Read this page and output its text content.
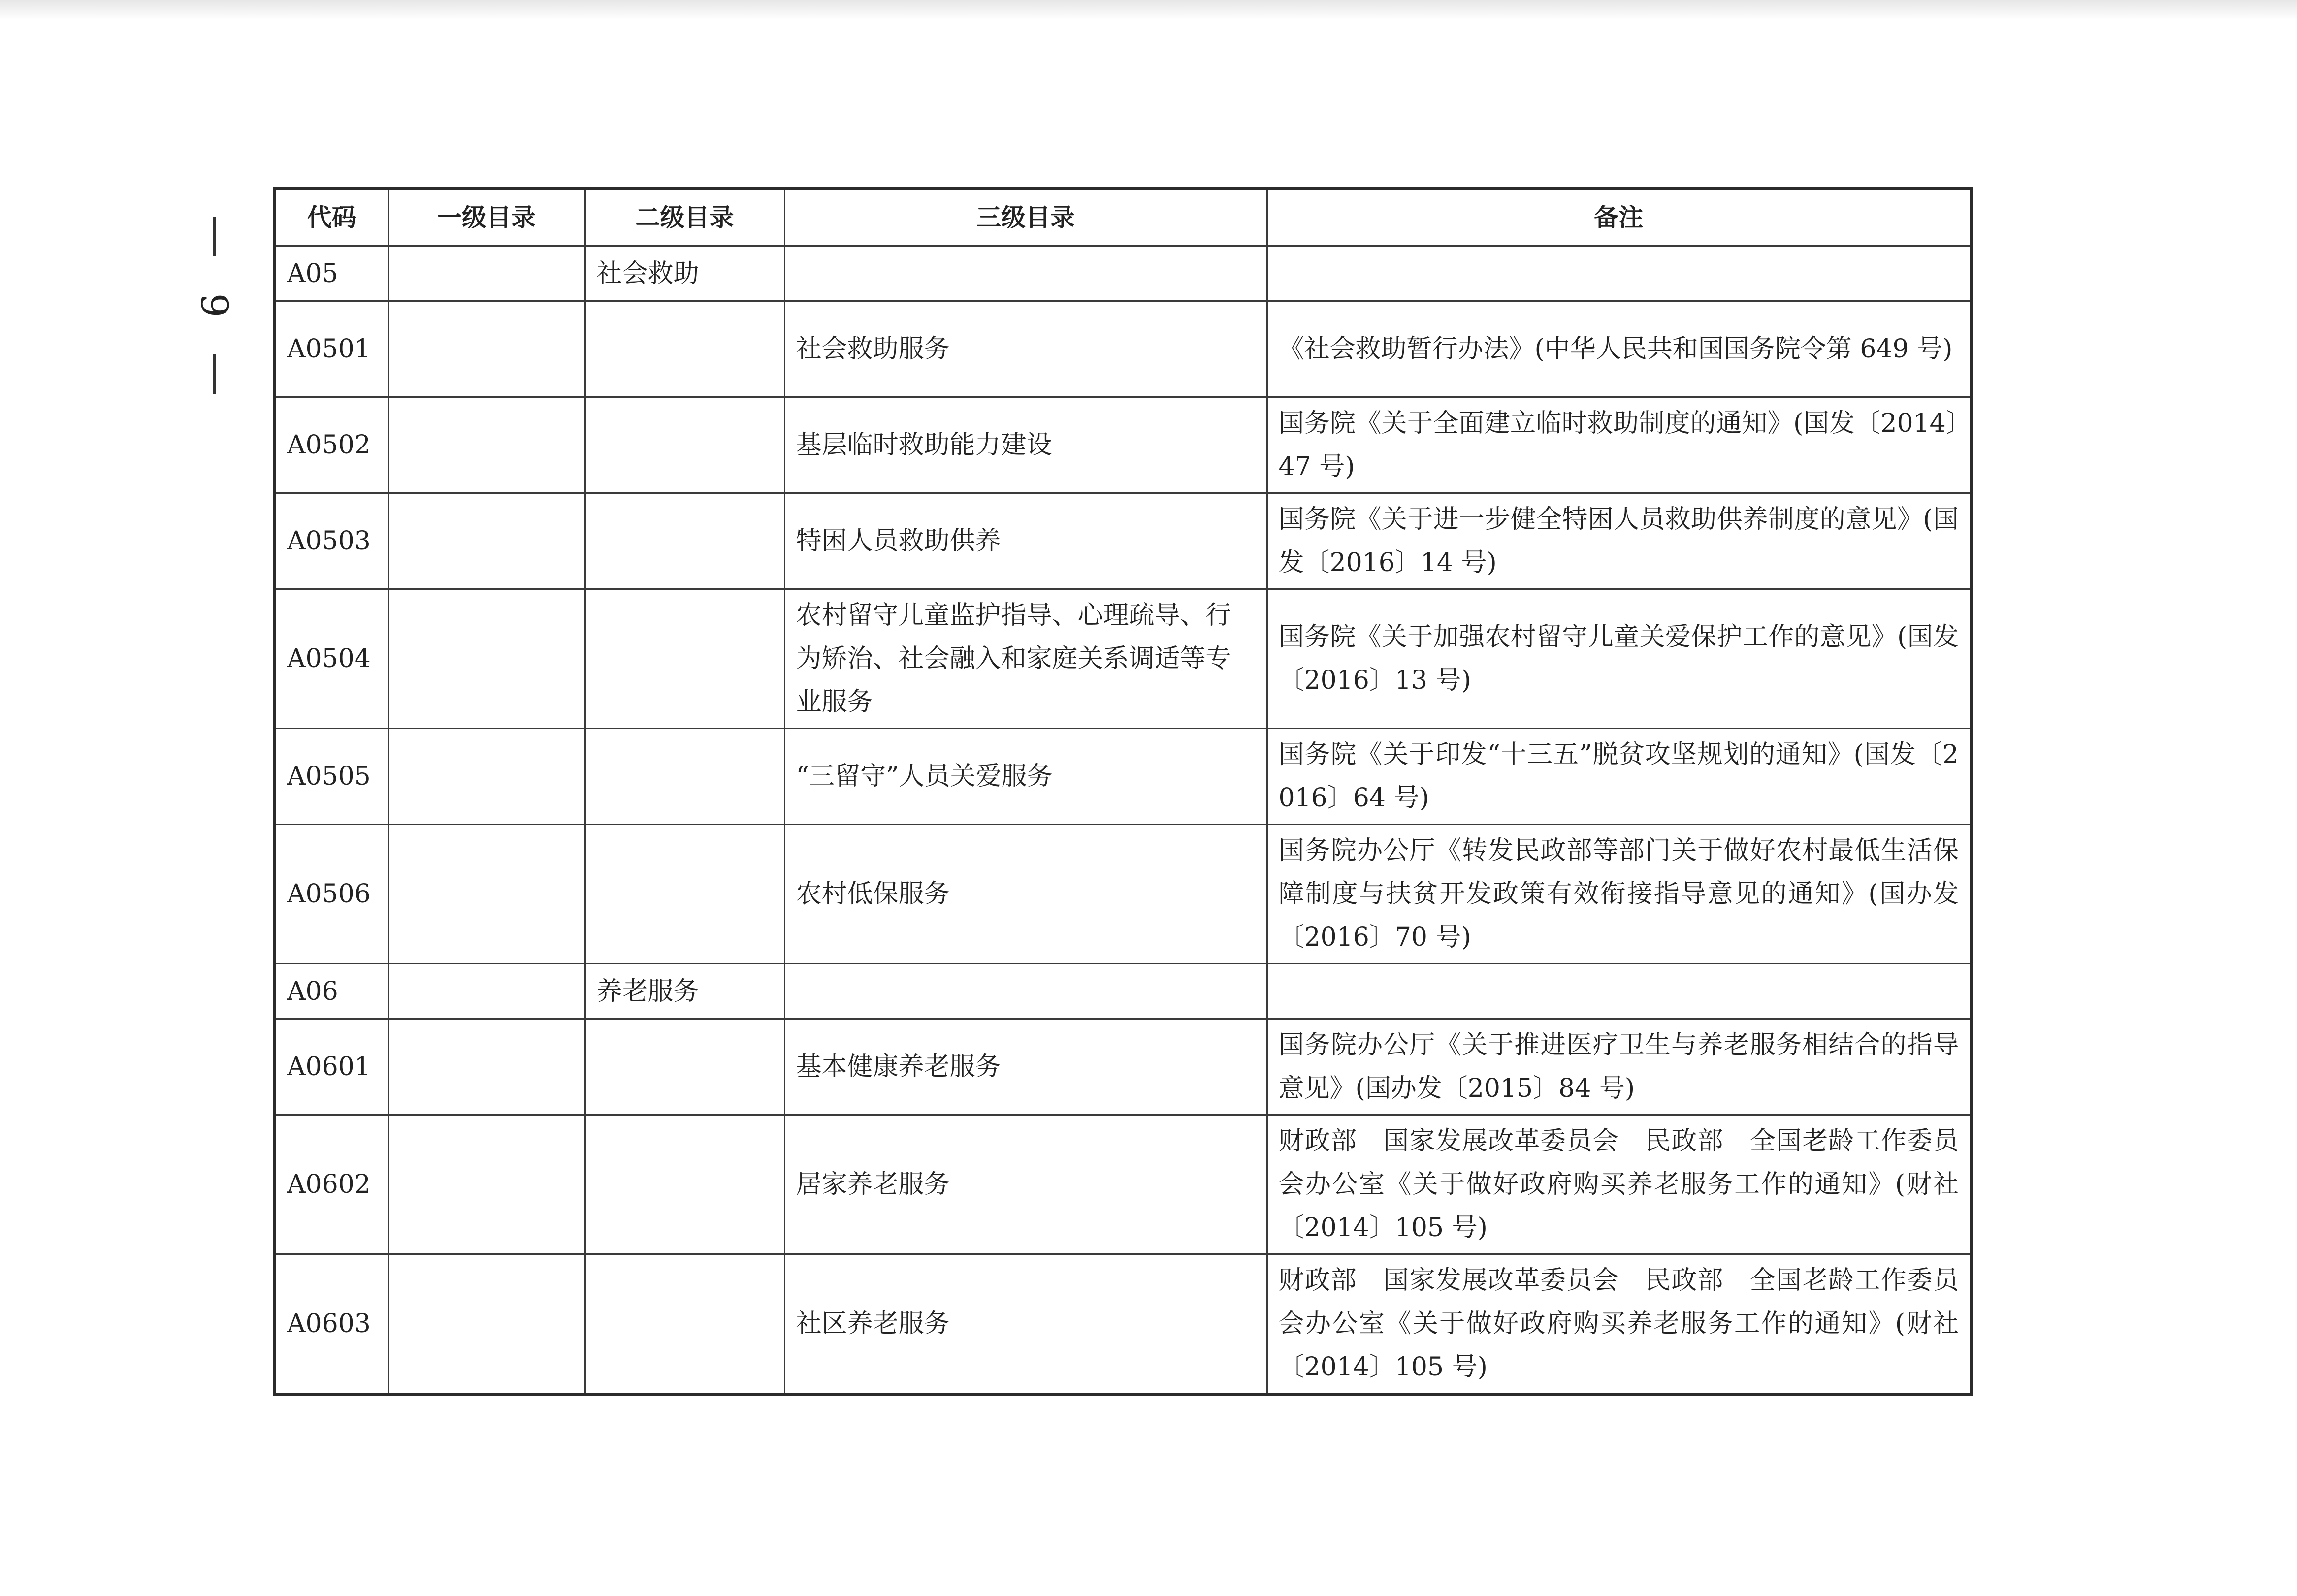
9
代码	一级目录	二级目录	三级目录	备注
A05		社会救助		
A0501			社会救助服务	《社会救助暂行办法》(中华人民共和国国务院令第 649 号)
A0502			基层临时救助能力建设	国务院《关于全面建立临时救助制度的通知》(国发〔2014〕47 号)
A0503			特困人员救助供养	国务院《关于进一步健全特困人员救助供养制度的意见》(国发〔2016〕14 号)
A0504			农村留守儿童监护指导、心理疏导、行为矫治、社会融入和家庭关系调适等专业服务	国务院《关于加强农村留守儿童关爱保护工作的意见》(国发〔2016〕13 号)
A0505			“三留守”人员关爱服务	国务院《关于印发“十三五”脱贫攻坚规划的通知》(国发〔2016〕64 号)
A0506			农村低保服务	国务院办公厅《转发民政部等部门关于做好农村最低生活保障制度与扶贫开发政策有效衔接指导意见的通知》(国办发〔2016〕70 号)
A06		养老服务		
A0601			基本健康养老服务	国务院办公厅《关于推进医疗卫生与养老服务相结合的指导意见》(国办发〔2015〕84 号)
A0602			居家养老服务	财政部　国家发展改革委员会　民政部　全国老龄工作委员会办公室《关于做好政府购买养老服务工作的通知》(财社〔2014〕105 号)
A0603			社区养老服务	财政部　国家发展改革委员会　民政部　全国老龄工作委员会办公室《关于做好政府购买养老服务工作的通知》(财社〔2014〕105 号)
